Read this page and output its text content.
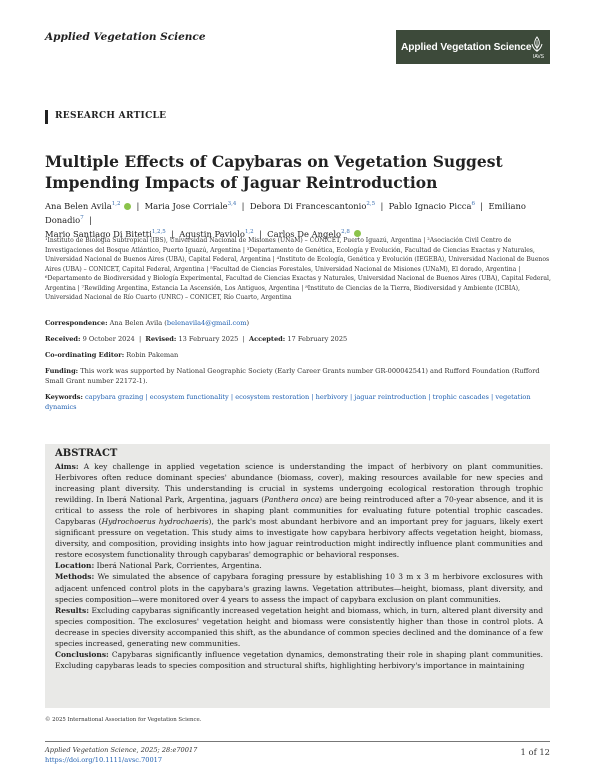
Applied Vegetation Science
Applied Vegetation Science
IAVS
RESEARCH ARTICLE
Multiple Effects of Capybaras on Vegetation Suggest Impending Impacts of Jaguar Reintroduction
Ana Belen Avila$^{1,2}$   |  Maria Jose Corriale$^{3,4}$  |  Debora Di Francescantonio$^{2,5}$  |  Pablo Ignacio Picca$^6$  |  Emiliano Donadio$^7$  |
Mario Santiago Di Bitetti$^{1,2,5}$  |  Agustin Paviolo$^{1,2}$  |  Carlos De Angelo$^{2,8}$
¹Instituto de Biología Subtropical (IBS), Universidad Nacional de Misiones (UNaM) – CONICET, Puerto Iguazú, Argentina | ²Asociación Civil Centro de Investigaciones del Bosque Atlántico, Puerto Iguazú, Argentina | ³Departamento de Genética, Ecología y Evolución, Facultad de Ciencias Exactas y Naturales, Universidad Nacional de Buenos Aires (UBA), Capital Federal, Argentina | ⁴Instituto de Ecología, Genética y Evolución (IEGEBA), Universidad Nacional de Buenos Aires (UBA) – CONICET, Capital Federal, Argentina | ⁵Facultad de Ciencias Forestales, Universidad Nacional de Misiones (UNaM), El dorado, Argentina | ⁶Departamento de Biodiversidad y Biología Experimental, Facultad de Ciencias Exactas y Naturales, Universidad Nacional de Buenos Aires (UBA), Capital Federal, Argentina | ⁷Rewilding Argentina, Estancia La Ascensión, Los Antiguos, Argentina | ⁸Instituto de Ciencias de la Tierra, Biodiversidad y Ambiente (ICBIA), Universidad Nacional de Río Cuarto (UNRC) – CONICET, Río Cuarto, Argentina
Correspondence: Ana Belen Avila (belenavila4@gmail.com)
Received: 9 October 2024  |  Revised: 13 February 2025  |  Accepted: 17 February 2025
Co-ordinating Editor: Robin Pakeman
Funding: This work was supported by National Geographic Society (Early Career Grants number GR-000042541) and Rufford Foundation (Rufford Small Grant number 22172-1).
Keywords: capybara grazing | ecosystem functionality | ecosystem restoration | herbivory | jaguar reintroduction | trophic cascades | vegetation dynamics
ABSTRACT

Aims: A key challenge in applied vegetation science is understanding the impact of herbivory on plant communities. Herbivores often reduce dominant species' abundance (biomass, cover), making resources available for new species and increasing plant diversity. This understanding is crucial in systems undergoing ecological restoration through trophic rewilding. In Iberá National Park, Argentina, jaguars (Panthera onca) are being reintroduced after a 70-year absence, and it is critical to assess the role of herbivores in shaping plant communities for evaluating future potential trophic cascades. Capybaras (Hydrochoerus hydrochaeris), the park's most abundant herbivore and an important prey for jaguars, likely exert significant pressure on vegetation. This study aims to investigate how capybara herbivory affects vegetation height, biomass, diversity, and composition, providing insights into how jaguar reintroduction might indirectly influence plant communities and restore ecosystem functionality through capybaras' demographic or behavioral responses.

Location: Iberá National Park, Corrientes, Argentina.

Methods: We simulated the absence of capybara foraging pressure by establishing 10 3 m x 3 m herbivore exclosures with adjacent unfenced control plots in the capybara's grazing lawns. Vegetation attributes—height, biomass, plant diversity, and species composition—were monitored over 4 years to assess the impact of capybara exclusion on plant communities.

Results: Excluding capybaras significantly increased vegetation height and biomass, which, in turn, altered plant diversity and species composition. The exclosures' vegetation height and biomass were consistently higher than those in control plots. A decrease in species diversity accompanied this shift, as the abundance of common species declined and the dominance of a few species increased, generating new communities.

Conclusions: Capybaras significantly influence vegetation dynamics, demonstrating their role in shaping plant communities. Excluding capybaras leads to species composition and structural shifts, highlighting herbivory's importance in maintaining

© 2025 International Association for Vegetation Science.
Applied Vegetation Science, 2025; 28:e70017
https://doi.org/10.1111/avsc.70017
1 of 12
